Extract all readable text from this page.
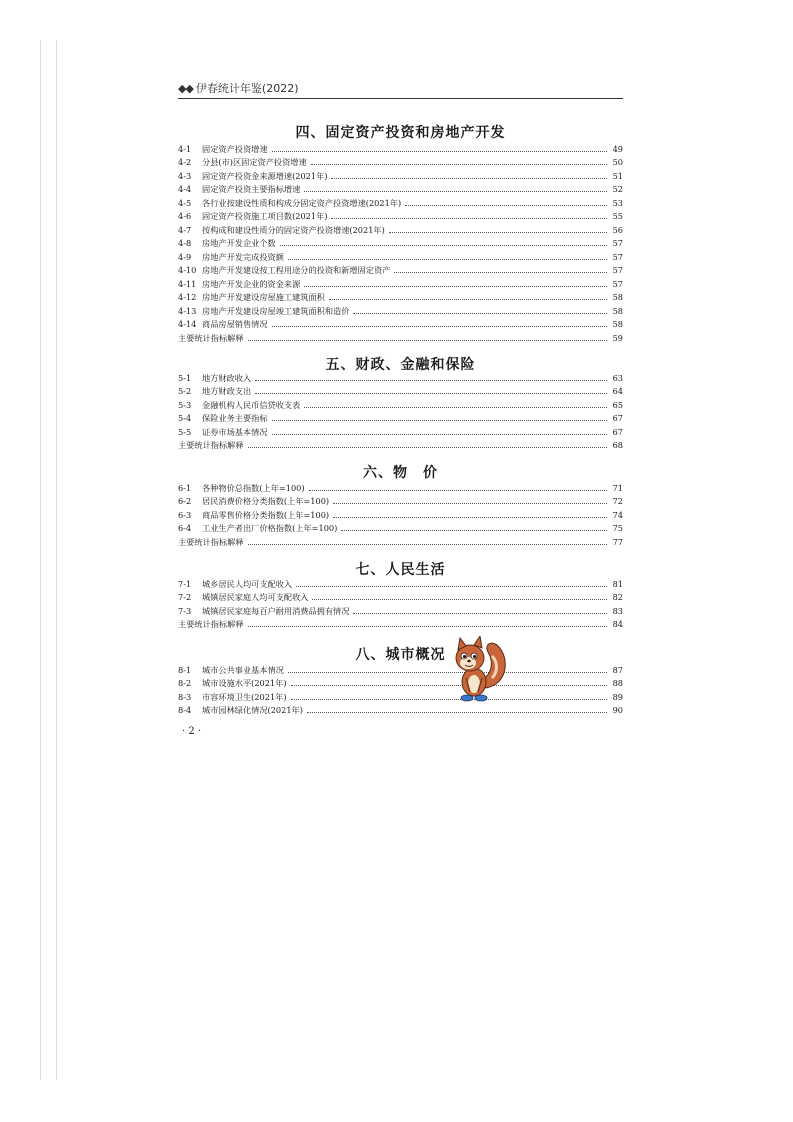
◆◆ 伊春统计年鉴(2022)
四、固定资产投资和房地产开发
4-1	固定资产投资增速	49
4-2	分县(市)区固定资产投资增速	50
4-3	固定资产投资金来源增速(2021年)	51
4-4	固定资产投资主要指标增速	52
4-5	各行业按建设性质和构成分固定资产投资增速(2021年)	53
4-6	固定资产投资施工项目数(2021年)	55
4-7	按构成和建设性质分的固定资产投资增速(2021年)	56
4-8	房地产开发企业个数	57
4-9	房地产开发完成投资额	57
4-10 房地产开发建设按工程用途分的投资和新增固定资产	57
4-11 房地产开发企业的资金来源	57
4-12 房地产开发建设房屋施工建筑面积	58
4-13 房地产开发建设房屋竣工建筑面积和造价	58
4-14 商品房屋销售情况	58
主要统计指标解释	59
五、财政、金融和保险
5-1	地方财政收入	63
5-2	地方财政支出	64
5-3	金融机构人民币信贷收支表	65
5-4	保险业务主要指标	67
5-5	证券市场基本情况	67
主要统计指标解释	68
六、物　价
6-1	各种物价总指数(上年=100)	71
6-2	居民消费价格分类指数(上年=100)	72
6-3	商品零售价格分类指数(上年=100)	74
6-4	工业生产者出厂价格指数(上年=100)	75
主要统计指标解释	77
七、人民生活
7-1	城乡居民人均可支配收入	81
7-2	城镇居民家庭人均可支配收入	82
7-3	城镇居民家庭每百户耐用消费品拥有情况	83
主要统计指标解释	84
八、城市概况
8-1	城市公共事业基本情况	87
8-2	城市设施水平(2021年)	88
8-3	市容环境卫生(2021年)	89
8-4	城市园林绿化情况(2021年)	90
· 2 ·
